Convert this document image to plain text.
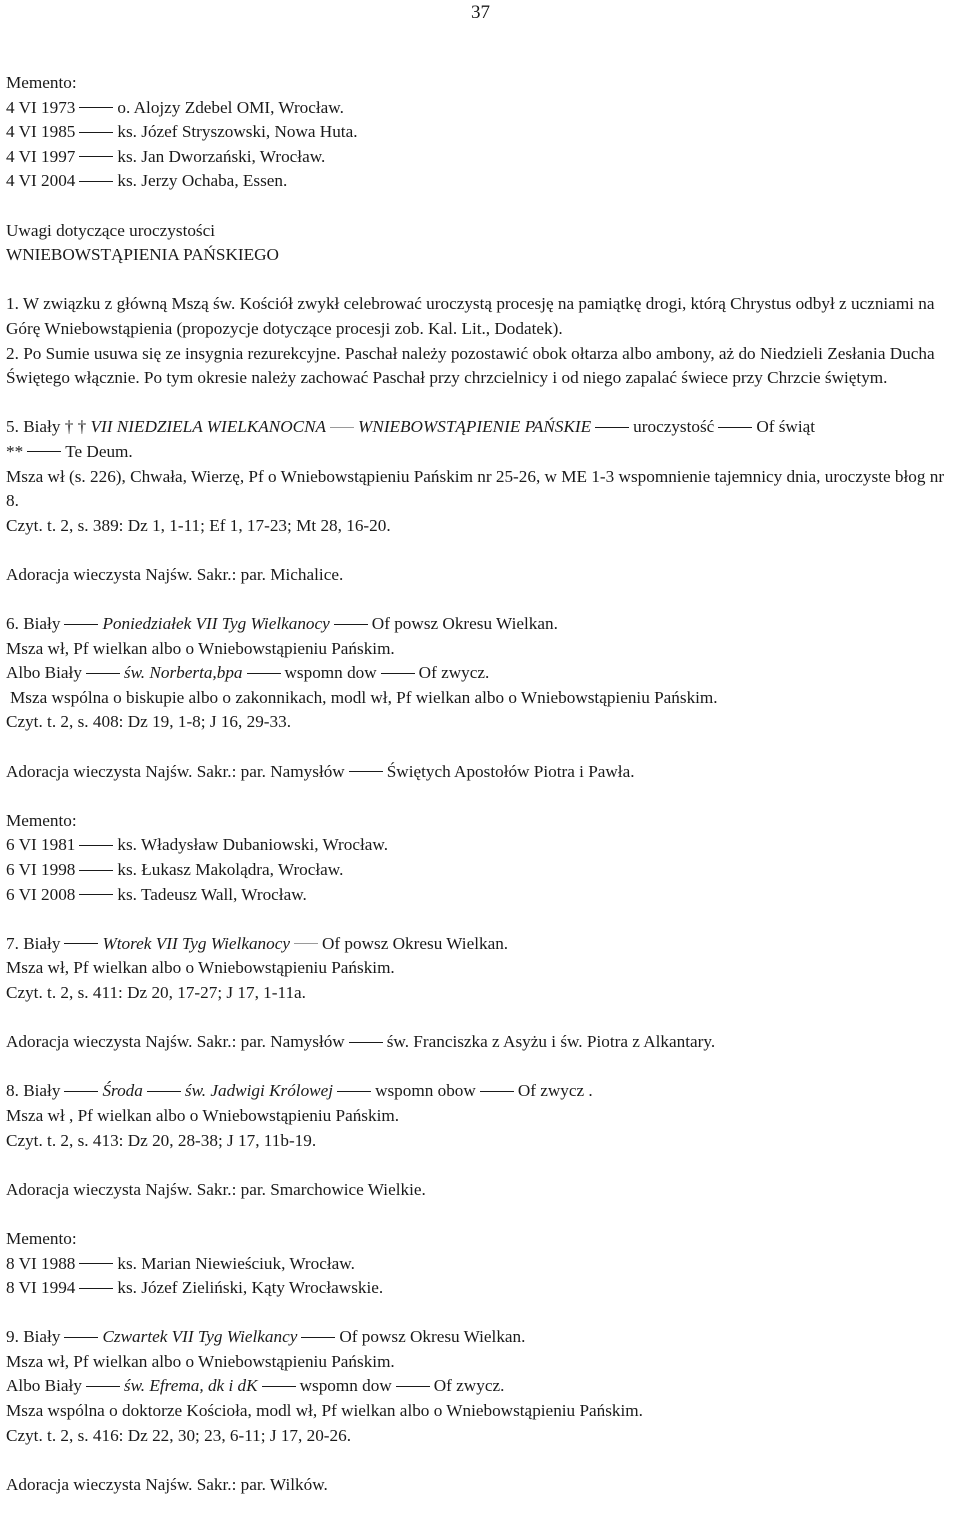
37
Memento:
4 VI 1973 o. Alojzy Zdebel OMI, Wrocław.
4 VI 1985 ks. Józef Stryszowski, Nowa Huta.
4 VI 1997 ks. Jan Dworzański, Wrocław.
4 VI 2004 ks. Jerzy Ochaba, Essen.
Uwagi dotyczące uroczystości
WNIEBOWSTĄPIENIA PAŃSKIEGO
1. W związku z główną Mszą św. Kościół zwykł celebrować uroczystą procesję na pamiątkę drogi, którą Chrystus odbył z uczniami na Górę Wniebowstąpienia (propozycje dotyczące procesji zob. Kal. Lit., Dodatek).
2. Po Sumie usuwa się ze insygnia rezurekcyjne. Paschał należy pozostawić obok ołtarza albo ambony, aż do Niedzieli Zesłania Ducha Świętego włącznie. Po tym okresie należy zachować Paschał przy chrzcielnicy i od niego zapalać świece przy Chrzcie świętym.
5. Biały † † VII NIEDZIELA WIELKANOCNA WNIEBOWSTĄPIENIE PAŃSKIE uroczystość Of świąt
** Te Deum.
Msza wł (s. 226), Chwała, Wierzę, Pf o Wniebowstąpieniu Pańskim nr 25-26, w ME 1-3 wspomnienie tajemnicy dnia, uroczyste błog nr 8.
Czyt. t. 2, s. 389: Dz 1, 1-11; Ef 1, 17-23; Mt 28, 16-20.
Adoracja wieczysta Najśw. Sakr.: par. Michalice.
6. Biały Poniedziałek VII Tyg Wielkanocy Of powsz Okresu Wielkan.
Msza wł, Pf wielkan albo o Wniebowstąpieniu Pańskim.
Albo Biały św. Norberta,bpa wspomn dow Of zwycz.
Msza wspólna o biskupie albo o zakonnikach, modl wł, Pf wielkan albo o Wniebowstąpieniu Pańskim.
Czyt. t. 2, s. 408: Dz 19, 1-8; J 16, 29-33.
Adoracja wieczysta Najśw. Sakr.: par. Namysłów Świętych Apostołów Piotra i Pawła.
Memento:
6 VI 1981 ks. Władysław Dubaniowski, Wrocław.
6 VI 1998 ks. Łukasz Makolądra, Wrocław.
6 VI 2008 ks. Tadeusz Wall, Wrocław.
7. Biały Wtorek VII Tyg Wielkanocy Of powsz Okresu Wielkan.
Msza wł, Pf wielkan albo o Wniebowstąpieniu Pańskim.
Czyt. t. 2, s. 411: Dz 20, 17-27; J 17, 1-11a.
Adoracja wieczysta Najśw. Sakr.: par. Namysłów św. Franciszka z Asyżu i św. Piotra z Alkantary.
8. Biały Środa św. Jadwigi Królowej wspomn obow Of zwycz .
Msza wł , Pf wielkan albo o Wniebowstąpieniu Pańskim.
Czyt. t. 2, s. 413: Dz 20, 28-38; J 17, 11b-19.
Adoracja wieczysta Najśw. Sakr.: par. Smarchowice Wielkie.
Memento:
8 VI 1988 ks. Marian Niewieściuk, Wrocław.
8 VI 1994 ks. Józef Zieliński, Kąty Wrocławskie.
9. Biały Czwartek VII Tyg Wielkancy Of powsz Okresu Wielkan.
Msza wł, Pf wielkan albo o Wniebowstąpieniu Pańskim.
Albo Biały św. Efrema, dk i dK wspomn dow Of zwycz.
Msza wspólna o doktorze Kościoła, modl wł, Pf wielkan albo o Wniebowstąpieniu Pańskim.
Czyt. t. 2, s. 416: Dz 22, 30; 23, 6-11; J 17, 20-26.
Adoracja wieczysta Najśw. Sakr.: par. Wilków.
